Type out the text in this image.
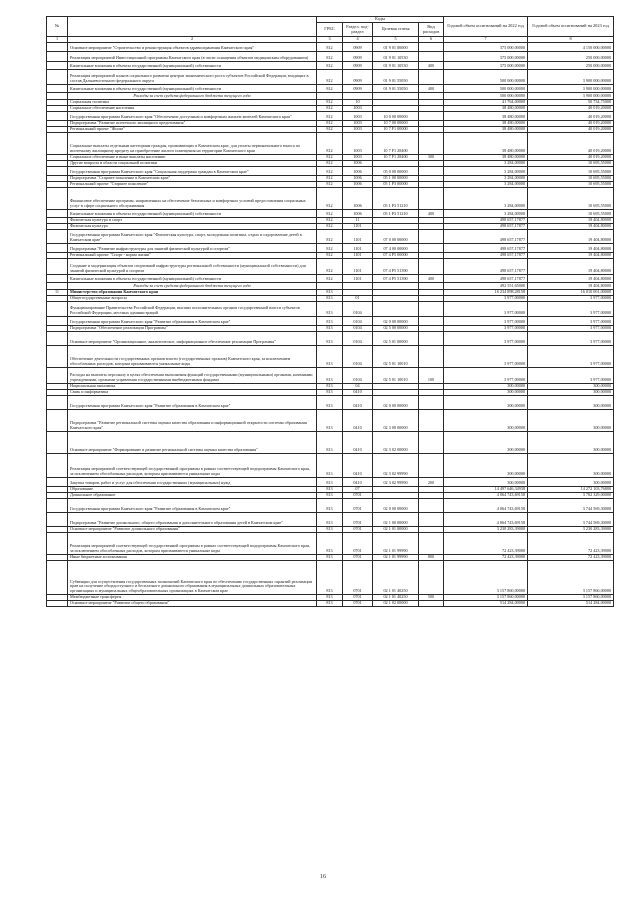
№		Коды				Годовой объем ассигнований на 2022 год	Годовой объем ассигнований на 2023 год
		ГРБС	Раздел, под-раздел	Целевая статья	Вид расходов		
1	2	3	4	5	6	7	8
	Основное мероприятие "Строительство и реконструкция объектов здравоохранения Камчатского края"	812	0909	01 9 01 00000		375 000,00000	4 150 000,00000
	Реализация мероприятий Инвестиционной программы Камчатского края (в части оснащения объектов медицинским оборудованием)	812	0909	01 9 01 10530		375 000,00000	250 000,00000
	Капитальные вложения в объекты государственной (муниципальной) собственности	812	0909	01 9 01 10530	400	375 000,00000	250 000,00000
	Реализация мероприятий планов социального развития центров экономического роста субъектов Российской Федерации, входящих в состав Дальневосточного федерального округа	812	0909	01 9 01 55050		500 000,00000	3 900 000,00000
	Капитальные вложения в объекты государственной (муниципальной) собственности	812	0909	01 9 01 55050	400	500 000,00000	3 900 000,00000
	Расходы за счет средств федерального бюджета текущего года					500 000,00000	3 900 000,00000
	Социальная политика	812	10			41 764,00000	50 734,75000
	Социальное обеспечение населения	812	1003			38 480,00000	40 019,20000
	Государственная программа Камчатского края "Обеспечение доступным и комфортным жильем жителей Камчатского края"	812	1003	10 0 00 00000		38 480,00000	40 019,20000
	Подпрограмма "Развитие ипотечного жилищного кредитования"	812	1003	10 7 00 00000		38 480,00000	40 019,20000
	Региональный проект "Жилье"	812	1003	10 7 F1 00000		38 480,00000	40 019,20000
	Социальные выплаты отдельным категориям граждан, проживающих в Камчатском крае, для уплаты первоначального взноса по ипотечному жилищному кредиту на приобретение жилого помещения на территории Камчатского края	812	1003	10 7 F1 28400		38 480,00000	40 019,20000
	Социальное обеспечение и иные выплаты населению	812	1003	10 7 F1 28400	300	38 480,00000	40 019,20000
	Другие вопросы в области социальной политики	812	1006			3 284,00000	10 695,55000
	Государственная программа Камчатского края "Социальная поддержка граждан в Камчатском крае"	812	1006	05 0 00 00000		3 284,00000	10 695,55000
	Подпрограмма "Старшее поколение в Камчатском крае"	812	1006	05 1 00 00000		3 284,00000	10 695,55000
	Региональный проект "Старшее поколение"	812	1006	05 1 P3 00000		3 284,00000	10 695,55000
	Финансовое обеспечение программ, направленных на обеспечение безопасных и комфортных условий предоставления социальных услуг в сфере социального обслуживания	812	1006	05 1 P3 51210		3 284,00000	10 695,55000
	Капитальные вложения в объекты государственной (муниципальной) собственности	812	1006	05 1 P3 51210	400	3 284,00000	10 695,55000
	Физическая культура и спорт	812	11			498 657,17877	19 404,80000
	Физическая культура	812	1101			498 657,17877	19 404,80000
	Государственная программа Камчатского края "Физическая культура, спорт, молодежная политика, отдых и оздоровление детей в Камчатском крае"	812	1101	07 0 00 00000		498 657,17877	19 404,80000
	Подпрограмма "Развитие инфраструктуры для занятий физической культурой и спортом"	812	1101	07 4 00 00000		498 657,17877	19 404,80000
	Региональный проект "Спорт - норма жизни"	812	1101	07 4 P5 00000		498 657,17877	19 404,80000
	Создание и модернизация объектов спортивной инфраструктуры региональной собственности (муниципальной собственности) для занятий физической культурой и спортом	812	1101	07 4 P5 51390		498 657,17877	19 404,80000
	Капитальные вложения в объекты государственной (муниципальной) собственности	812	1101	07 4 P5 51390	400	498 657,17877	19 404,80000
	Расходы за счет средств федерального бюджета текущего года					492 551,65000	19 404,80000
11	Министерство образования Камчатского края	813				16 234 898,28158	16 010 001,00000
	Общегосударственные вопросы	813	01			3 977,00000	3 977,00000
	Функционирование Правительства Российской Федерации, высших исполнительных органов государственной власти субъектов Российской Федерации, местных администраций	813	0104			3 977,00000	3 977,00000
	Государственная программа Камчатского края "Развитие образования в Камчатском крае"	813	0104	02 0 00 00000		3 977,00000	3 977,00000
	Подпрограмма "Обеспечение реализации Программы"	813	0104	02 5 00 00000		3 977,00000	3 977,00000
	Основное мероприятие "Организационное, аналитическое, информационное обеспечение реализации Программы"	813	0104	02 5 01 00000		3 977,00000	3 977,00000
	Обеспечение деятельности государственных органов власти (государственных органов) Камчатского края, за исключением обособленных расходов, которым присваиваются уникальные коды	813	0104	02 5 01 10010		3 977,00000	3 977,00000
	Расходы на выплаты персоналу в целях обеспечения выполнения функций государственными (муниципальными) органами, казенными учреждениями, органами управления государственными внебюджетными фондами	813	0104	02 5 01 10010	100	3 977,00000	3 977,00000
	Национальная экономика	813	04			300,00000	300,00000
	Связь и информатика	813	0410			300,00000	300,00000
	Государственная программа Камчатского края "Развитие образования в Камчатском крае"	813	0410	02 0 00 00000		300,00000	300,00000
	Подпрограмма "Развитие региональной системы оценки качества образования и информационной открытости системы образования Камчатского края"	813	0410	02 3 00 00000		300,00000	300,00000
	Основное мероприятие "Формирование и развитие региональной системы оценки качества образования"	813	0410	02 3 02 00000		300,00000	300,00000
	Реализация мероприятий соответствующей государственной программы в рамках соответствующей подпрограммы Камчатского края, за исключением обособленных расходов, которым присваиваются уникальные коды	813	0410	02 3 02 99990		300,00000	300,00000
	Закупка товаров, работ и услуг для обеспечения государственных (муниципальных) нужд	813	0410	02 3 02 99990	200	300,00000	300,00000
	Образование	813	07			14 497 646,34938	14 272 103,76800
	Дошкольное образование	813	0701			4 064 743,69158	3 782 329,00000
	Государственная программа Камчатского края "Развитие образования в Камчатском крае"	813	0701	02 0 00 00000		4 064 743,69158	3 744 569,30000
	Подпрограмма "Развитие дошкольного, общего образования и дополнительного образования детей в Камчатском крае"	813	0701	02 1 00 00000		4 064 743,69158	3 744 569,30000
	Основное мероприятие "Развитие дошкольного образования"	813	0701	02 1 01 00000		3 230 283,39000	3 230 283,39000
	Реализация мероприятий соответствующей государственной программы в рамках соответствующей подпрограммы Камчатского края, за исключением обособленных расходов, которым присваиваются уникальные коды	813	0701	02 1 01 99990		72 423,39000	72 423,39000
	Иные бюджетные ассигнования	813	0701	02 1 01 99990	800	72 423,39000	72 423,39000
	Субвенции для осуществления государственных полномочий Камчатского края по обеспечению государственных гарантий реализации прав на получение общедоступного и бесплатного дошкольного образования в муниципальных дошкольных образовательных организациях и муниципальных общеобразовательных организациях в Камчатском крае	813	0701	02 1 01 40250		3 157 860,00000	3 157 860,00000
	Межбюджетные трансферты	813	0701	02 1 01 40250	500	3 157 860,00000	3 157 860,00000
	Основное мероприятие "Развитие общего образования"	813	0701	02 1 02 00000		514 284,00000	514 284,00000
16
